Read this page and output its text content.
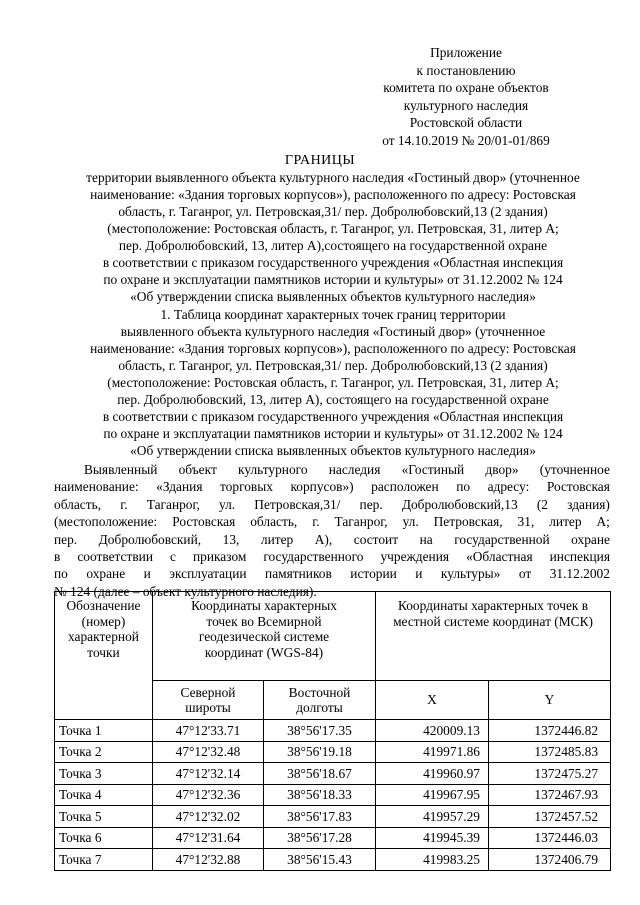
Приложение
к постановлению
комитета по охране объектов
культурного наследия
Ростовской области
от 14.10.2019 № 20/01-01/869
ГРАНИЦЫ
территории выявленного объекта культурного наследия «Гостиный двор» (уточненное
наименование: «Здания торговых корпусов»), расположенного по адресу: Ростовская
область, г. Таганрог, ул. Петровская,31/ пер. Добролюбовский,13 (2 здания)
(местоположение: Ростовская область, г. Таганрог, ул. Петровская, 31, литер А;
пер. Добролюбовский, 13, литер А),состоящего на государственной охране
в соответствии с приказом государственного учреждения «Областная инспекция
по охране и эксплуатации памятников истории и культуры» от 31.12.2002 № 124
«Об утверждении списка выявленных объектов культурного наследия»
1. Таблица координат характерных точек границ территории
выявленного объекта культурного наследия «Гостиный двор» (уточненное
наименование: «Здания торговых корпусов»), расположенного по адресу: Ростовская
область, г. Таганрог, ул. Петровская,31/ пер. Добролюбовский,13 (2 здания)
(местоположение: Ростовская область, г. Таганрог, ул. Петровская, 31, литер А;
пер. Добролюбовский, 13, литер А), состоящего на государственной охране
в соответствии с приказом государственного учреждения «Областная инспекция
по охране и эксплуатации памятников истории и культуры» от 31.12.2002 № 124
«Об утверждении списка выявленных объектов культурного наследия»
Выявленный объект культурного наследия «Гостиный двор» (уточненное
наименование: «Здания торговых корпусов») расположен по адресу: Ростовская
область, г. Таганрог, ул. Петровская,31/ пер. Добролюбовский,13 (2 здания)
(местоположение: Ростовская область, г. Таганрог, ул. Петровская, 31, литер А;
пер. Добролюбовский, 13, литер А), состоит на государственной охране
в соответствии с приказом государственного учреждения «Областная инспекция
по охране и эксплуатации памятников истории и культуры» от 31.12.2002
№ 124 (далее – объект культурного наследия).
Обозначение (номер) характерной точки	Координаты характерных точек во Всемирной геодезической системе координат (WGS-84)		Координаты характерных точек в местной системе координат (МСК)	

	Северной широты	Восточной долготы	X	Y
Точка 1	47°12'33.71	38°56'17.35	420009.13	1372446.82
Точка 2	47°12'32.48	38°56'19.18	419971.86	1372485.83
Точка 3	47°12'32.14	38°56'18.67	419960.97	1372475.27
Точка 4	47°12'32.36	38°56'18.33	419967.95	1372467.93
Точка 5	47°12'32.02	38°56'17.83	419957.29	1372457.52
Точка 6	47°12'31.64	38°56'17.28	419945.39	1372446.03
Точка 7	47°12'32.88	38°56'15.43	419983.25	1372406.79
